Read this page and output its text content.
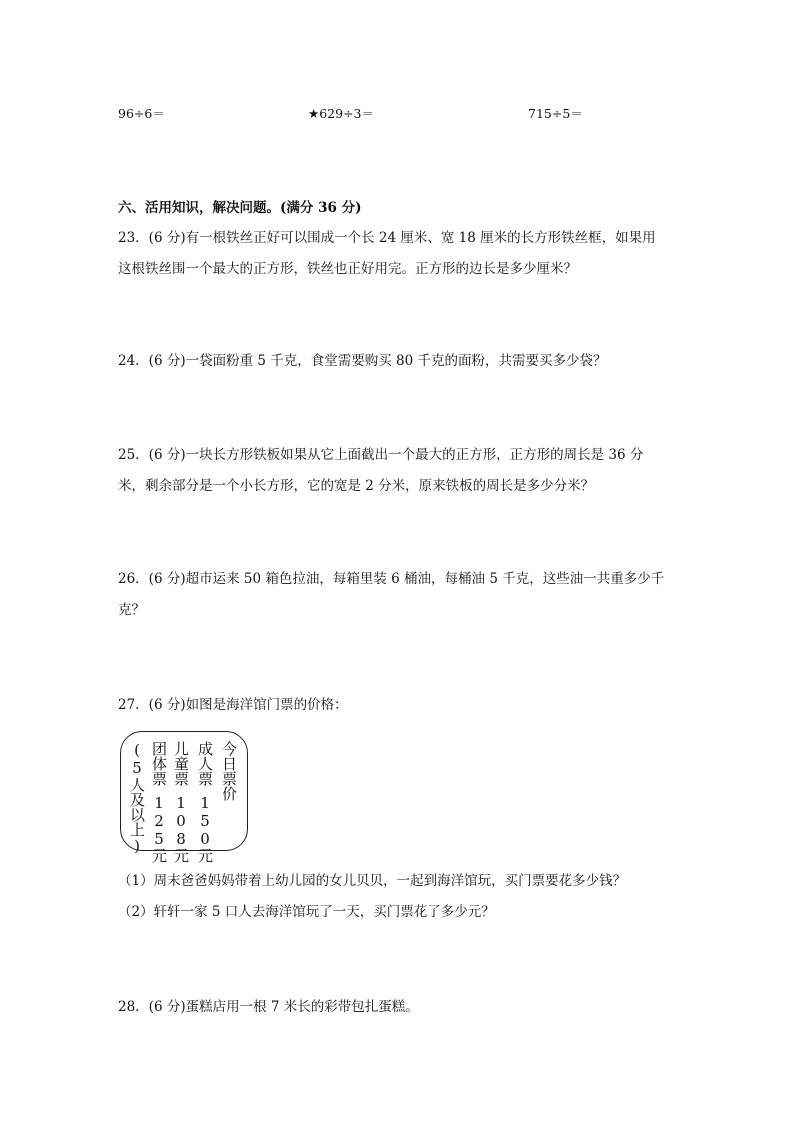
96÷6＝	★629÷3＝	715÷5＝
六、活用知识，解决问题。(满分 36 分)
23．(6 分)有一根铁丝正好可以围成一个长 24 厘米、宽 18 厘米的长方形铁丝框，如果用
这根铁丝围一个最大的正方形，铁丝也正好用完。正方形的边长是多少厘米？
24．(6 分)一袋面粉重 5 千克，食堂需要购买 80 千克的面粉，共需要买多少袋？
25．(6 分)一块长方形铁板如果从它上面截出一个最大的正方形，正方形的周长是 36 分
米，剩余部分是一个小长方形，它的宽是 2 分米，原来铁板的周长是多少分米？
26．(6 分)超市运来 50 箱色拉油，每箱里装 6 桶油，每桶油 5 千克，这些油一共重多少千
克？
27．(6 分)如图是海洋馆门票的价格：
今日票价
成人票150元
儿童票108元
团体票125元
(5人及以上)
（1）周末爸爸妈妈带着上幼儿园的女儿贝贝，一起到海洋馆玩，买门票要花多少钱？
（2）轩轩一家 5 口人去海洋馆玩了一天，买门票花了多少元？
28．(6 分)蛋糕店用一根 7 米长的彩带包扎蛋糕。
